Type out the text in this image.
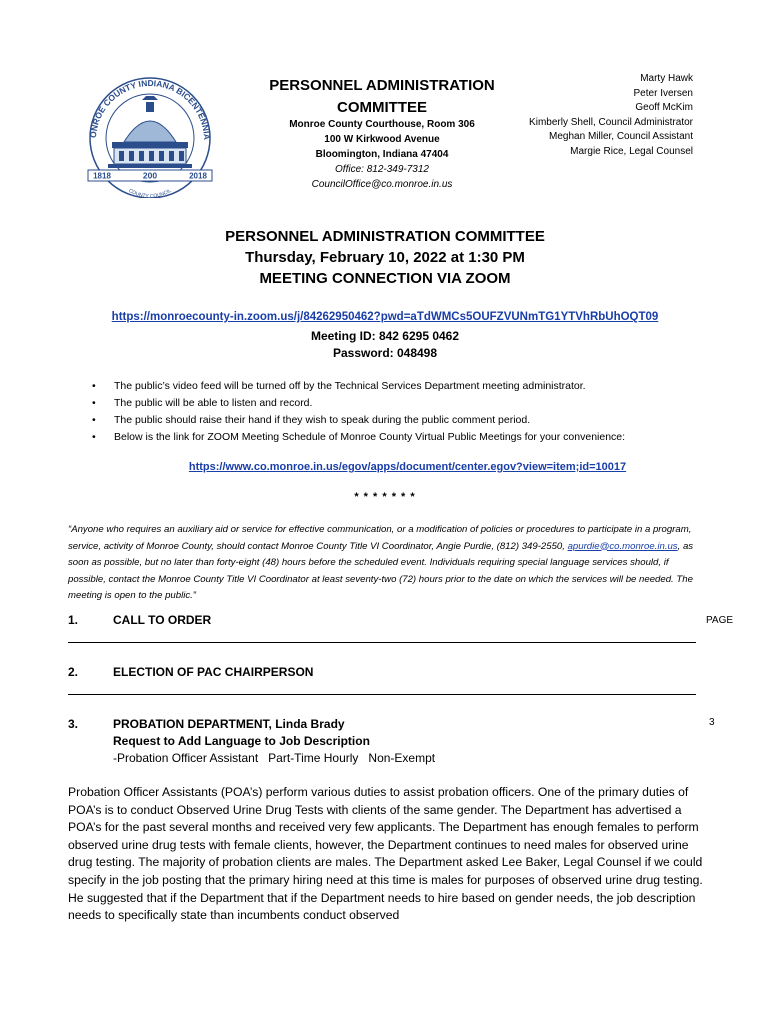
ONROE COUNTY INDIANA BICENTENNIA
1818	200	2018
COUNTY COUNCIL
PERSONNEL ADMINISTRATION
COMMITTEE
Monroe County Courthouse, Room 306
100 W Kirkwood Avenue
Bloomington, Indiana 47404
Office: 812-349-7312
CouncilOffice@co.monroe.in.us
Marty Hawk
Peter Iversen
Geoff McKim
Kimberly Shell, Council Administrator
Meghan Miller, Council Assistant
Margie Rice, Legal Counsel
PERSONNEL ADMINISTRATION COMMITTEE
Thursday, February 10, 2022 at 1:30 PM
MEETING CONNECTION VIA ZOOM
https://monroecounty-in.zoom.us/j/84262950462?pwd=aTdWMCs5OUFZVUNmTG1YTVhRbUhOQT09
Meeting ID: 842 6295 0462
Password: 048498
• The public’s video feed will be turned off by the Technical Services Department meeting administrator.
• The public will be able to listen and record.
• The public should raise their hand if they wish to speak during the public comment period.
• Below is the link for ZOOM Meeting Schedule of Monroe County Virtual Public Meetings for your convenience:
https://www.co.monroe.in.us/egov/apps/document/center.egov?view=item;id=10017
* * * * * * *
“Anyone who requires an auxiliary aid or service for effective communication, or a modification of policies or procedures to participate in a program, service, activity of Monroe County, should contact Monroe County Title VI Coordinator, Angie Purdie, (812) 349-2550, apurdie@co.monroe.in.us, as soon as possible, but no later than forty-eight (48) hours before the scheduled event. Individuals requiring special language services should, if possible, contact the Monroe County Title VI Coordinator at least seventy-two (72) hours prior to the date on which the services will be needed. The meeting is open to the public.”
1.	CALL TO ORDER	PAGE
2.	ELECTION OF PAC CHAIRPERSON
3.	PROBATION DEPARTMENT, Linda Brady	3
Request to Add Language to Job Description
-Probation Officer Assistant   Part-Time Hourly   Non-Exempt
Probation Officer Assistants (POA’s) perform various duties to assist probation officers. One of the primary duties of POA’s is to conduct Observed Urine Drug Tests with clients of the same gender. The Department has advertised a POA’s for the past several months and received very few applicants. The Department has enough females to perform observed urine drug tests with female clients, however, the Department continues to need males for observed urine drug testing. The majority of probation clients are males. The Department asked Lee Baker, Legal Counsel if we could specify in the job posting that the primary hiring need at this time is males for purposes of observed urine drug testing. He suggested that if the Department that if the Department needs to hire based on gender needs, the job description needs to specifically state than incumbents conduct observed
